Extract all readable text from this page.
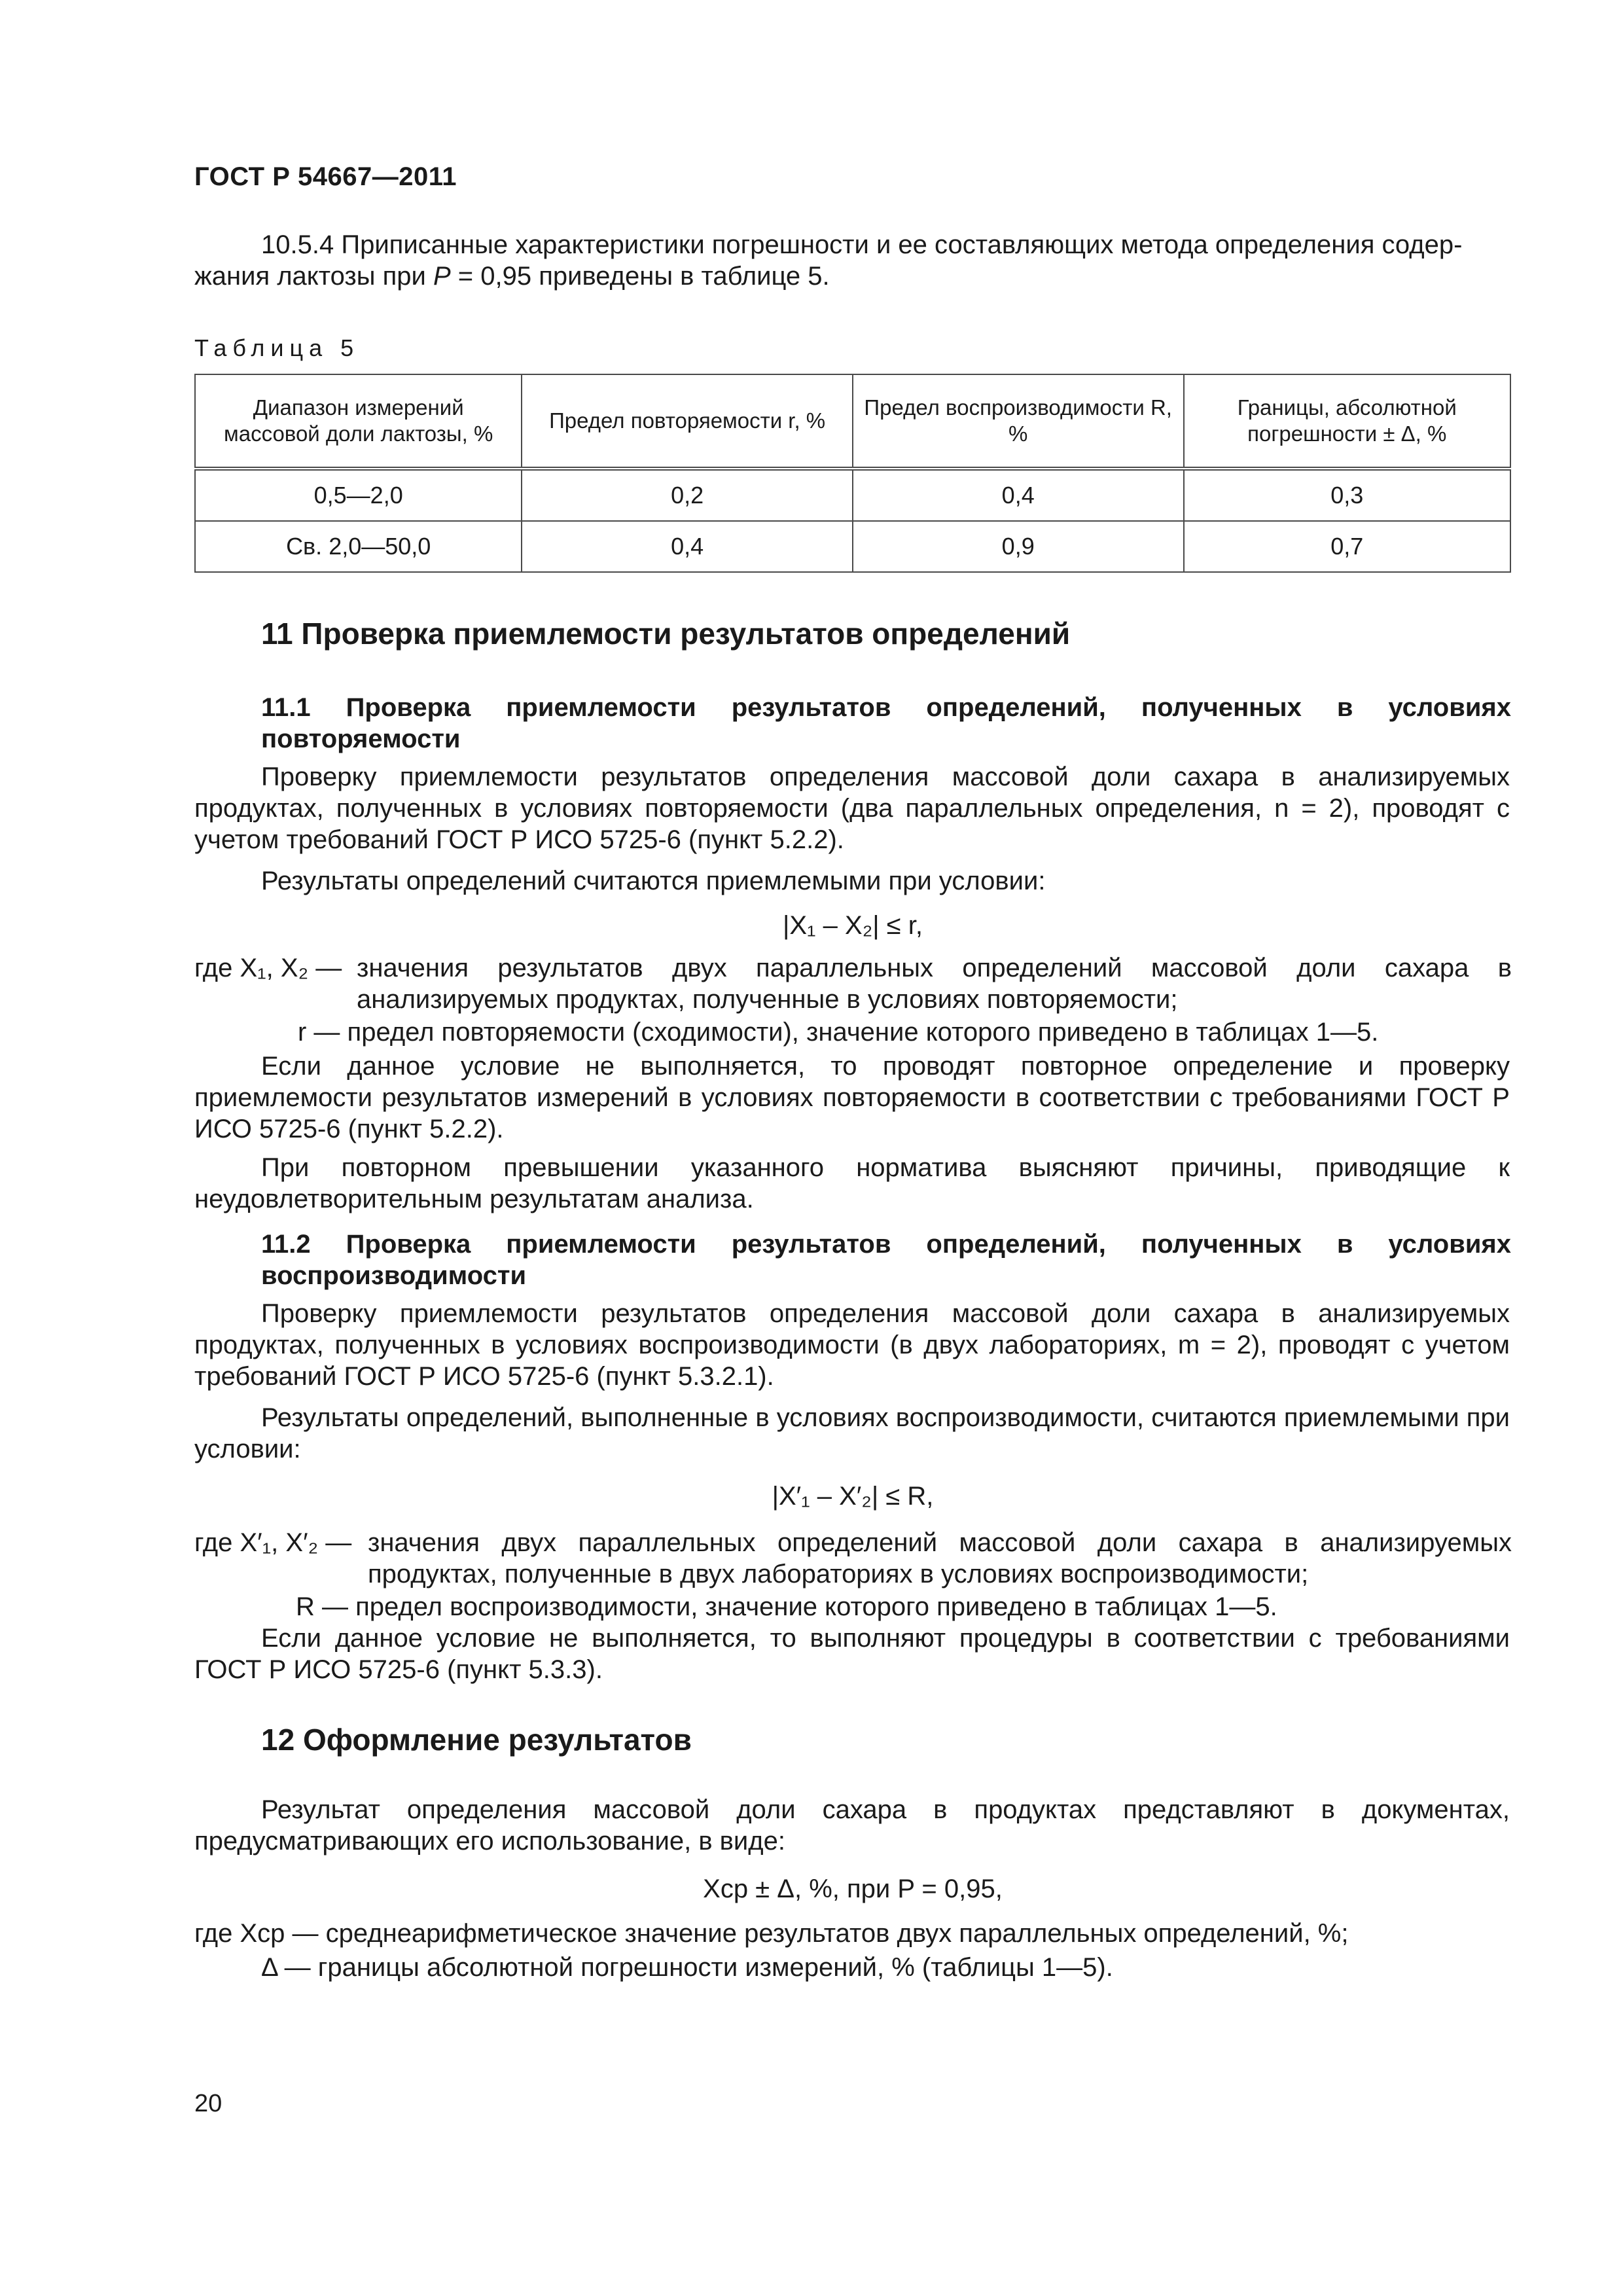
ГОСТ Р 54667—2011

10.5.4 Приписанные характеристики погрешности и ее составляющих метода определения содер-

жания лактозы при P = 0,95 приведены в таблице 5.

Таблица 5
Диапазон измерений массовой доли лактозы, %	Предел повторяемости r, %	Предел воспроизводимости R, %	Границы, абсолютной погрешности ± Δ, %
0,5—2,0	0,2	0,4	0,3
Св. 2,0—50,0	0,4	0,9	0,7
11 Проверка приемлемости результатов определений
11.1 Проверка приемлемости результатов определений, полученных в условиях
повторяемости
Проверку приемлемости результатов определения массовой доли сахара в анализируемых продуктах, полученных в условиях повторяемости (два параллельных определения, n = 2), проводят с учетом требований ГОСТ Р ИСО 5725-6 (пункт 5.2.2).
Результаты определений считаются приемлемыми при условии:
|X₁ – X₂| ≤ r,
где X₁, X₂ — значения результатов двух параллельных определений массовой доли сахара в анализируемых продуктах, полученные в условиях повторяемости;
r — предел повторяемости (сходимости), значение которого приведено в таблицах 1—5.
Если данное условие не выполняется, то проводят повторное определение и проверку приемлемости результатов измерений в условиях повторяемости в соответствии с требованиями ГОСТ Р ИСО 5725-6 (пункт 5.2.2).
При повторном превышении указанного норматива выясняют причины, приводящие к неудовлетворительным результатам анализа.
11.2 Проверка приемлемости результатов определений, полученных в условиях
воспроизводимости
Проверку приемлемости результатов определения массовой доли сахара в анализируемых продуктах, полученных в условиях воспроизводимости (в двух лабораториях, m = 2), проводят с учетом требований ГОСТ Р ИСО 5725-6 (пункт 5.3.2.1).
Результаты определений, выполненные в условиях воспроизводимости, считаются приемлемыми при условии:
|X′₁ – X′₂| ≤ R,
где X′₁, X′₂ — значения двух параллельных определений массовой доли сахара в анализируемых продуктах, полученные в двух лабораториях в условиях воспроизводимости;
R — предел воспроизводимости, значение которого приведено в таблицах 1—5.
Если данное условие не выполняется, то выполняют процедуры в соответствии с требованиями ГОСТ Р ИСО 5725-6 (пункт 5.3.3).
12 Оформление результатов
Результат определения массовой доли сахара в продуктах представляют в документах, предусматривающих его использование, в виде:
Xср ± Δ, %, при P = 0,95,
где Xср — среднеарифметическое значение результатов двух параллельных определений, %;
Δ — границы абсолютной погрешности измерений, % (таблицы 1—5).
20
